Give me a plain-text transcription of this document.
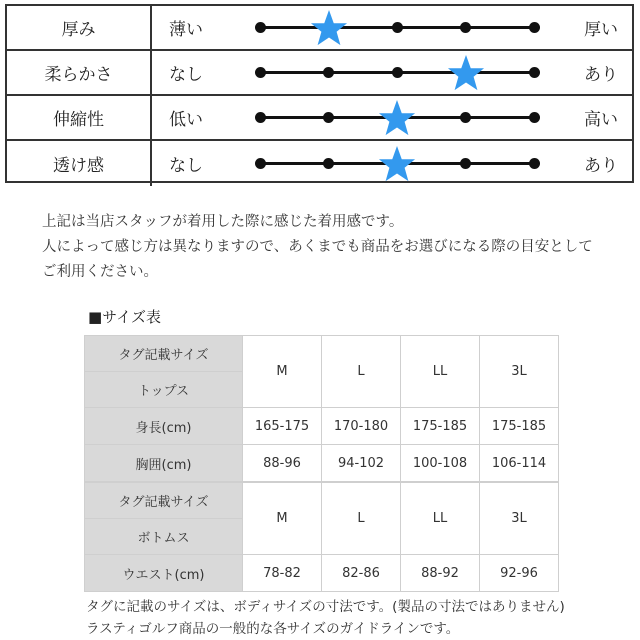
厚み	薄い	厚い
柔らかさ	なし	あり
伸縮性	低い	高い
透け感	なし	あり

上記は当店スタッフが着用した際に感じた着用感です。

人によって感じ方は異なりますので、あくまでも商品をお選びになる際の目安として

ご利用ください。

■サイズ表
タグ記載サイズ	M	L	LL	3L
トップス				
身長(cm)	165-175	170-180	175-185	175-185
胸囲(cm)	88-96	94-102	100-108	106-114
タグ記載サイズ	M	L	LL	3L
ボトムス				
ウエスト(cm)	78-82	82-86	88-92	92-96

タグに記載のサイズは、ボディサイズの寸法です。(製品の寸法ではありません)

ラスティゴルフ商品の一般的な各サイズのガイドラインです。
